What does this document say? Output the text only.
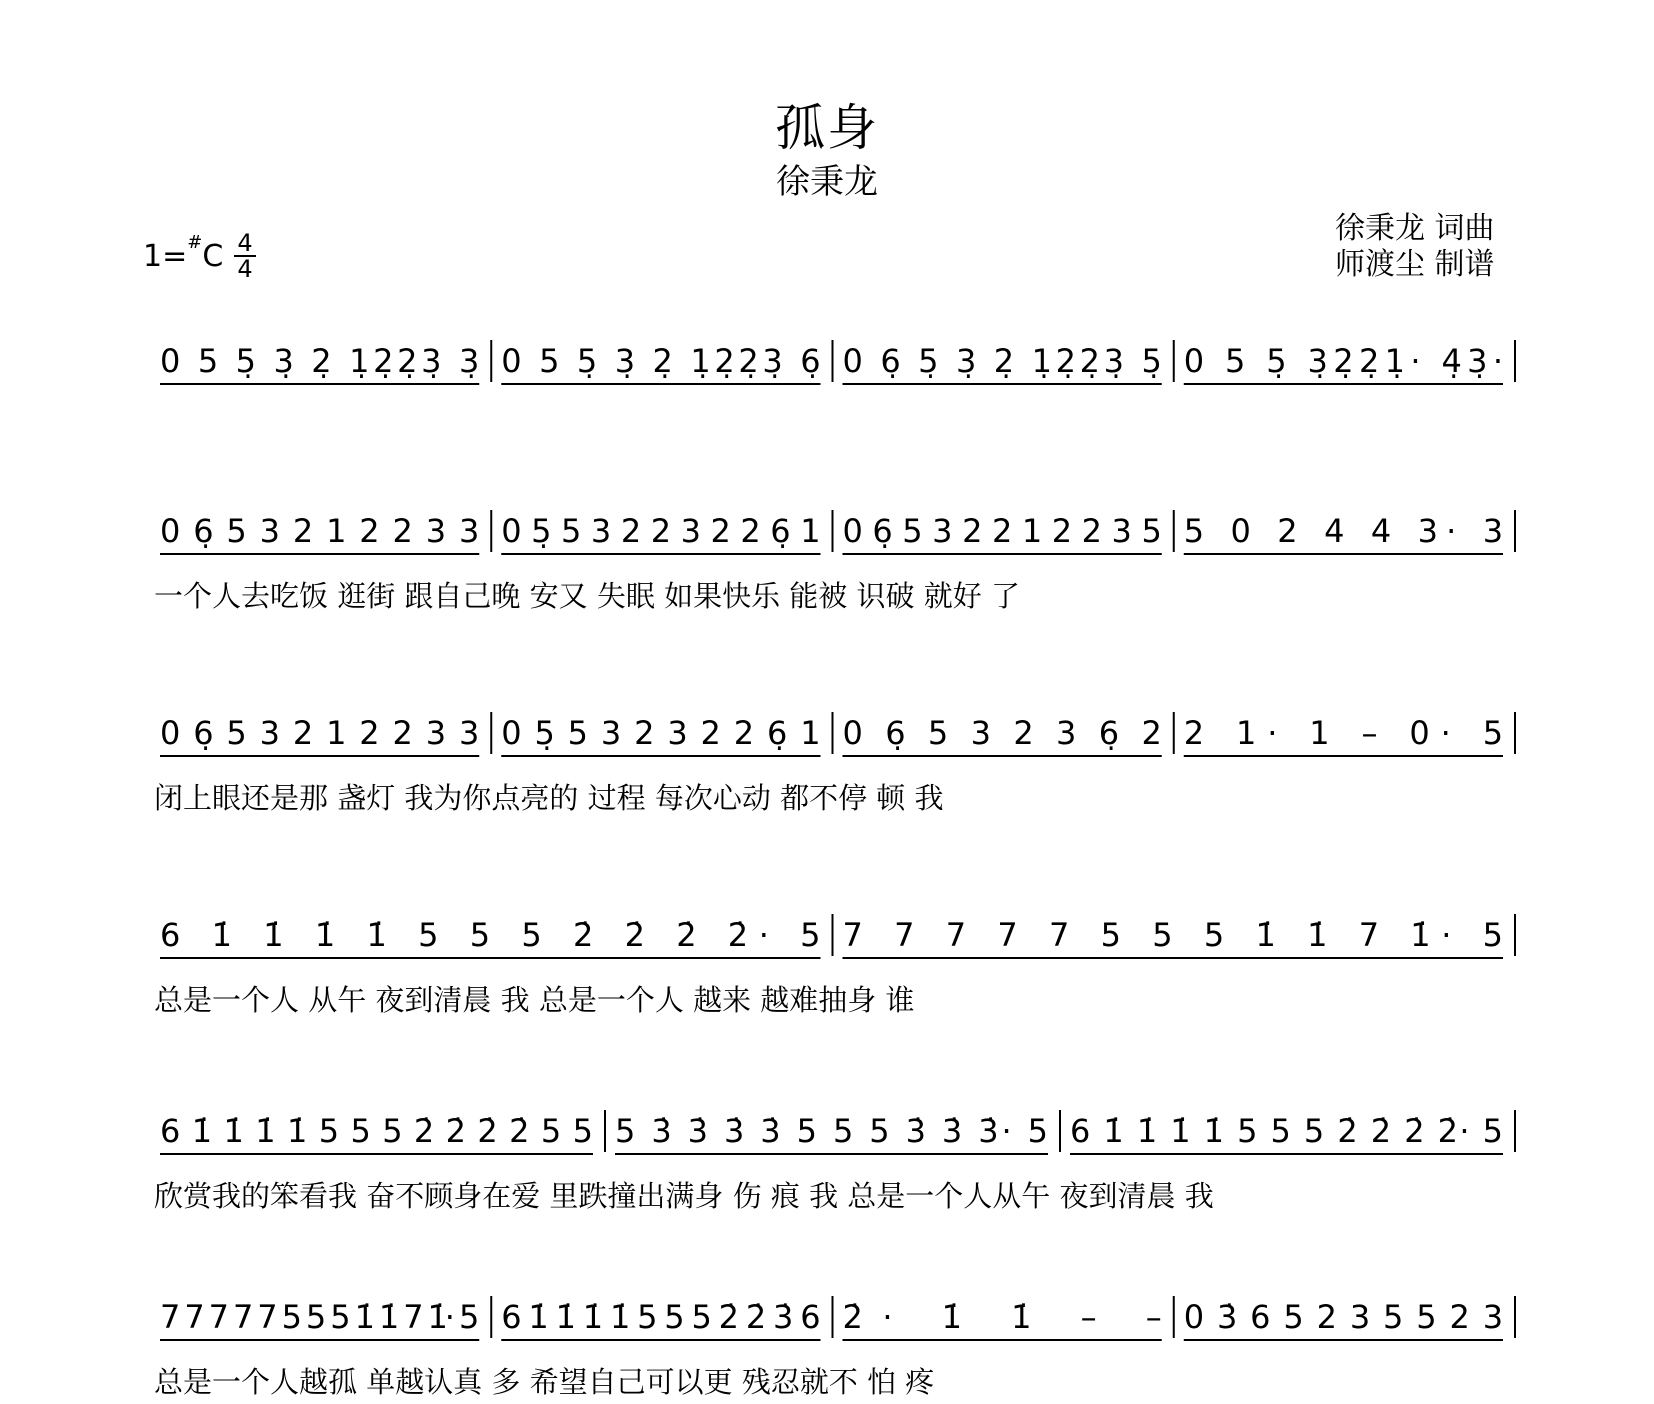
孤身
徐秉龙
1=#C 4
4
徐秉龙 词曲
师渡尘 制谱
0 5 5̣ 3̣ 2̣ 1̣2̣2̣3̣ 3̣ 0 5 5̣ 3̣ 2̣ 1̣2̣2̣3̣ 6̣ 0 6̣ 5̣ 3̣ 2̣ 1̣2̣2̣3̣ 5̣ 0 5 5̣ 3̣2̣2̣1̣· 4̣3̣·
0 6̣ 5 3 2 1 2 2 3 3 0 5̣ 5 3 2 2 3 2 2 6̣ 1 0 6̣ 5 3 2 2 1 2 2 3 5 5 0 2 4 4 3· 3
一个人去吃饭 逛街 跟自己晚 安又 失眠 如果快乐 能被 识破 就好 了
0 6̣ 5 3 2 1 2 2 3 3 0 5̣ 5 3 2 3 2 2 6̣ 1 0 6̣ 5 3 2 3 6̣ 2 2 1· 1 – 0· 5
闭上眼还是那 盏灯 我为你点亮的 过程 每次心动 都不停 顿 我
6 1̇ 1̇ 1̇ 1̇ 5 5 5 2̇ 2̇ 2̇ 2̇· 5 7 7 7 7 7 5 5 5 1̇ 1̇ 7 1̇· 5
总是一个人 从午 夜到清晨 我 总是一个人 越来 越难抽身 谁
6 1̇ 1̇ 1̇ 1̇ 5 5 5 2̇ 2̇ 2̇ 2̇ 5 5 5 3̇ 3̇ 3̇ 3̇ 5 5 5 3̇ 3̇ 3̇· 5 6 1̇ 1̇ 1̇ 1̇ 5 5 5 2̇ 2̇ 2̇ 2̇· 5
欣赏我的笨看我 奋不顾身在爱 里跌撞出满身 伤 痕 我 总是一个人从午 夜到清晨 我
7 7 7 7 7 5 5 5 1̇ 1̇ 7 1̇· 5 6 1̇ 1̇ 1̇ 1̇ 5 5 5 2̇ 2̇ 3̇ 6 2̇· 1̇ 1̇ – – 0 3̇ 6 5 2 3 5 5 2 3
总是一个人越孤 单越认真 多 希望自己可以更 残忍就不 怕 疼
